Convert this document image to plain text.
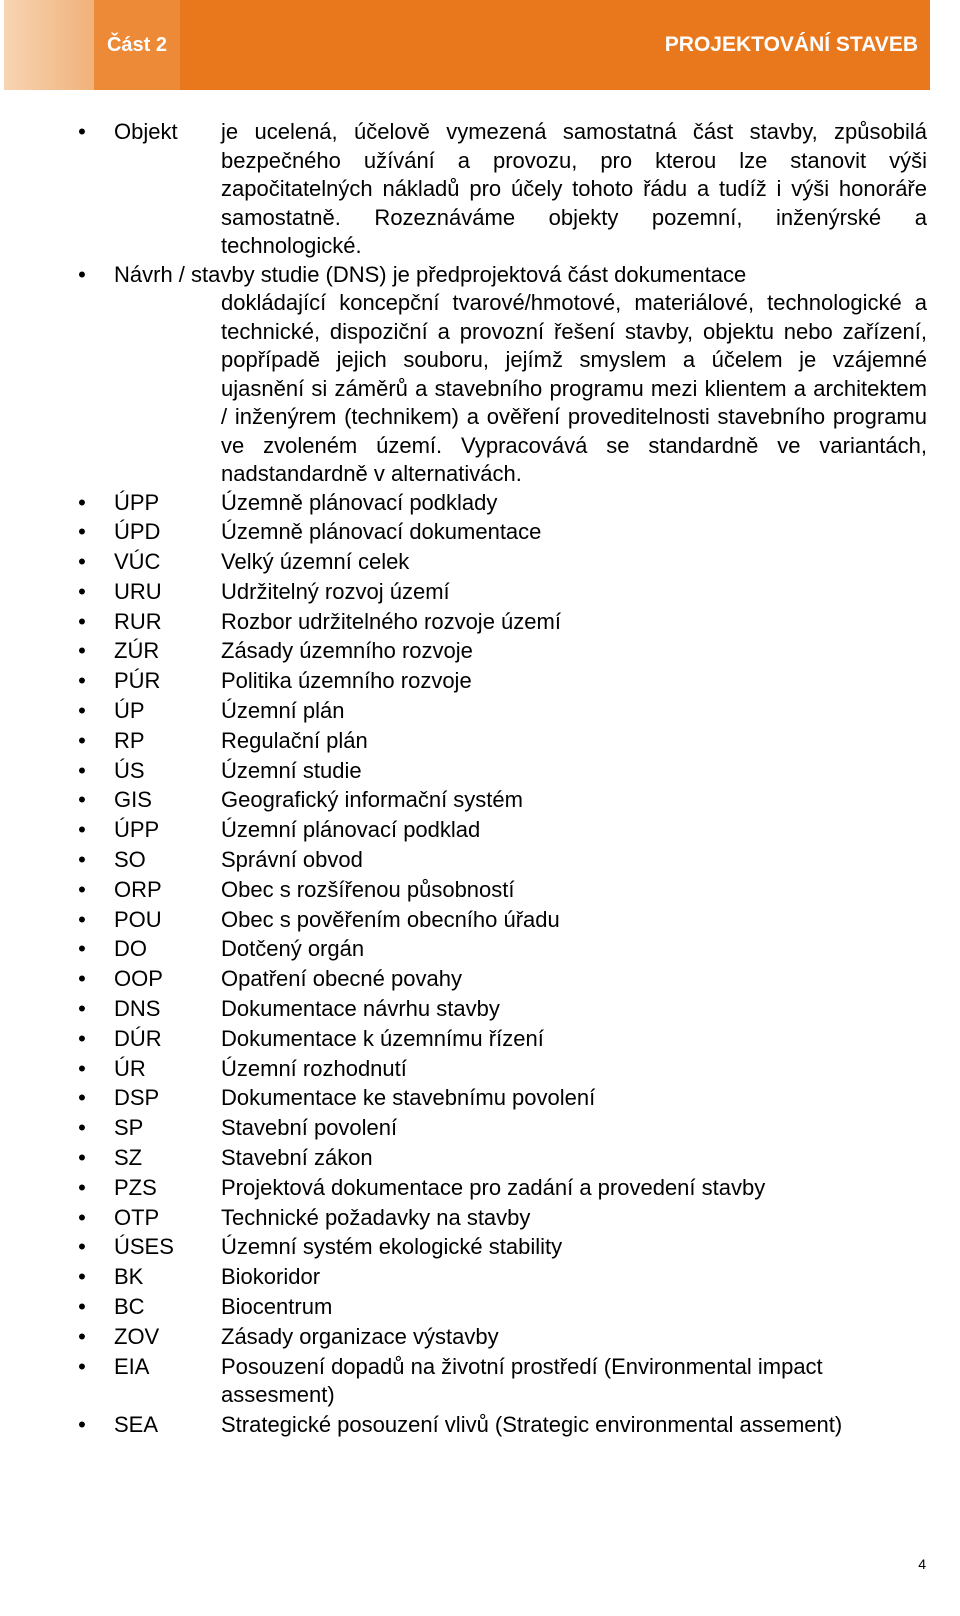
Část 2	PROJEKTOVÁNÍ STAVEB
• Objekt je ucelená, účelově vymezená samostatná část stavby, způsobilá bezpečného užívání a provozu, pro kterou lze stanovit výši započitatelných nákladů pro účely tohoto řádu a tudíž i výši honoráře samostatně. Rozeznáváme objekty pozemní, inženýrské a technologické.
• Návrh / stavby studie (DNS) je předprojektová část dokumentace
dokládající koncepční tvarové/hmotové, materiálové, technologické a technické, dispoziční a provozní řešení stavby, objektu nebo zařízení, popřípadě jejich souboru, jejímž smyslem a účelem je vzájemné ujasnění si záměrů a stavebního programu mezi klientem a architektem / inženýrem (technikem) a ověření proveditelnosti stavebního programu ve zvoleném území. Vypracovává se standardně ve variantách, nadstandardně v alternativách.
• ÚPP	Územně plánovací podklady
• ÚPD	Územně plánovací dokumentace
• VÚC	Velký územní celek
• URU	Udržitelný rozvoj území
• RUR	Rozbor udržitelného rozvoje území
• ZÚR	Zásady územního rozvoje
• PÚR	Politika územního rozvoje
• ÚP	Územní plán
• RP	Regulační plán
• ÚS	Územní studie
• GIS	Geografický informační systém
• ÚPP	Územní plánovací podklad
• SO	Správní obvod
• ORP	Obec s rozšířenou působností
• POU	Obec s pověřením obecního úřadu
• DO	Dotčený orgán
• OOP	Opatření obecné povahy
• DNS	Dokumentace návrhu stavby
• DÚR	Dokumentace k územnímu řízení
• ÚR	Územní rozhodnutí
• DSP	Dokumentace ke stavebnímu povolení
• SP	Stavební povolení
• SZ	Stavební zákon
• PZS	Projektová dokumentace pro zadání a provedení stavby
• OTP	Technické požadavky na stavby
• ÚSES Územní systém ekologické stability
• BK	Biokoridor
• BC	Biocentrum
• ZOV	Zásady organizace výstavby
• EIA	Posouzení dopadů na životní prostředí (Environmental impact assesment)
• SEA	Strategické posouzení vlivů (Strategic environmental assement)
4
